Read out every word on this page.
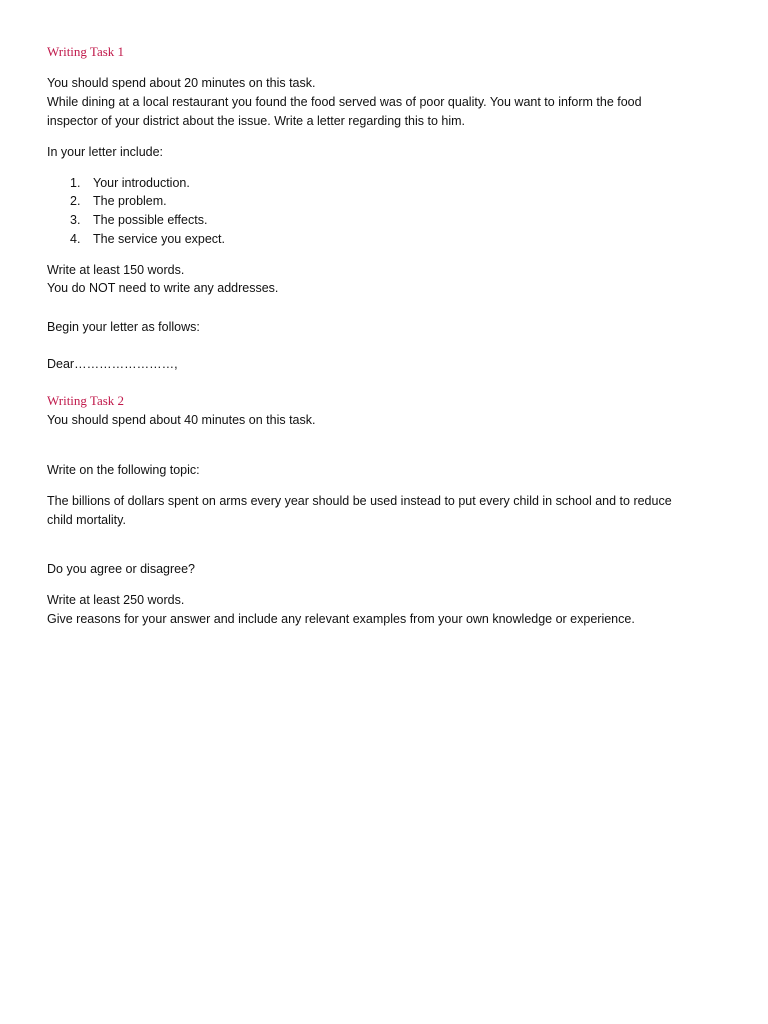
Writing Task 1

You should spend about 20 minutes on this task.

While dining at a local restaurant you found the food served was of poor quality. You want to inform the food

inspector of your district about the issue. Write a letter regarding this to him.

In your letter include:

1. Your introduction.
2. The problem.
3. The possible effects.
4. The service you expect.

Write at least 150 words.

You do NOT need to write any addresses.

Begin your letter as follows:

Dear……………………,

Writing Task 2

You should spend about 40 minutes on this task.

Write on the following topic:

The billions of dollars spent on arms every year should be used instead to put every child in school and to reduce

child mortality.

Do you agree or disagree?

Write at least 250 words.

Give reasons for your answer and include any relevant examples from your own knowledge or experience.
